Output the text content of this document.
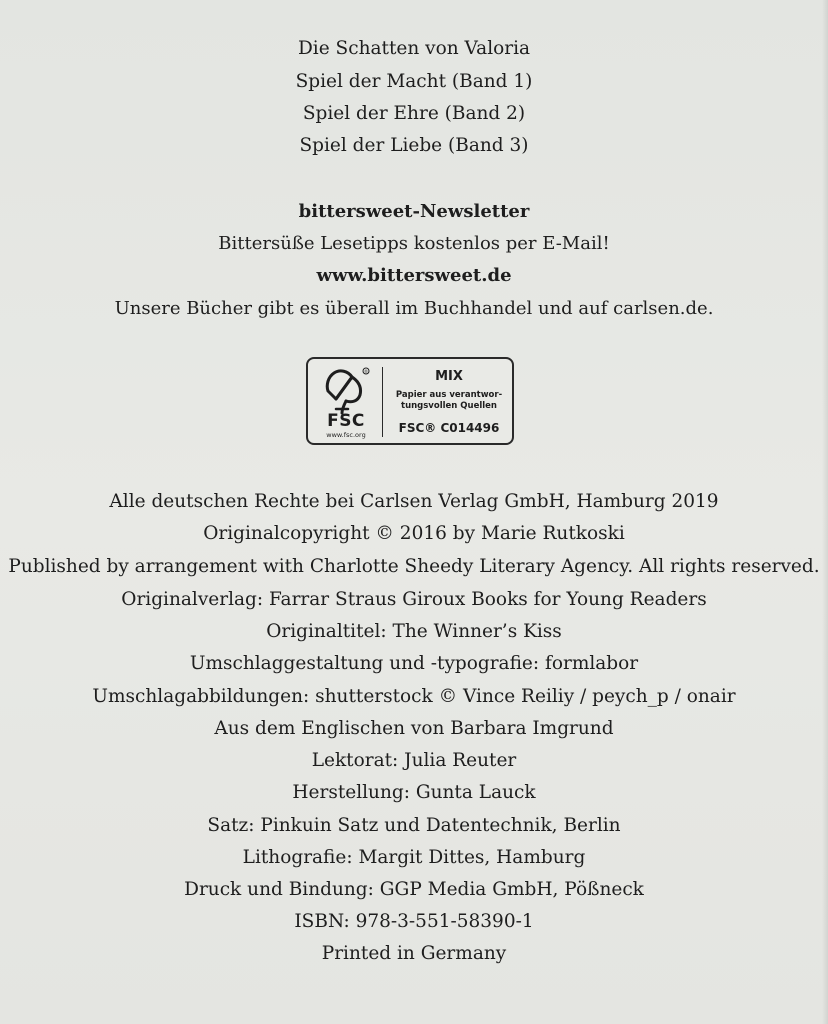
Die Schatten von Valoria
Spiel der Macht (Band 1)
Spiel der Ehre (Band 2)
Spiel der Liebe (Band 3)
bittersweet-Newsletter
Bittersüße Lesetipps kostenlos per E-Mail!
www.bittersweet.de
Unsere Bücher gibt es überall im Buchhandel und auf carlsen.de.
®
FSC
www.fsc.org
MIX
Papier aus verantwor-
tungsvollen Quellen
FSC® C014496
Alle deutschen Rechte bei Carlsen Verlag GmbH, Hamburg 2019
Originalcopyright © 2016 by Marie Rutkoski
Published by arrangement with Charlotte Sheedy Literary Agency. All rights reserved.
Originalverlag: Farrar Straus Giroux Books for Young Readers
Originaltitel: The Winner’s Kiss
Umschlaggestaltung und -typografie: formlabor
Umschlagabbildungen: shutterstock © Vince Reiliy / peych_p / onair
Aus dem Englischen von Barbara Imgrund
Lektorat: Julia Reuter
Herstellung: Gunta Lauck
Satz: Pinkuin Satz und Datentechnik, Berlin
Lithografie: Margit Dittes, Hamburg
Druck und Bindung: GGP Media GmbH, Pößneck
ISBN: 978-3-551-58390-1
Printed in Germany
